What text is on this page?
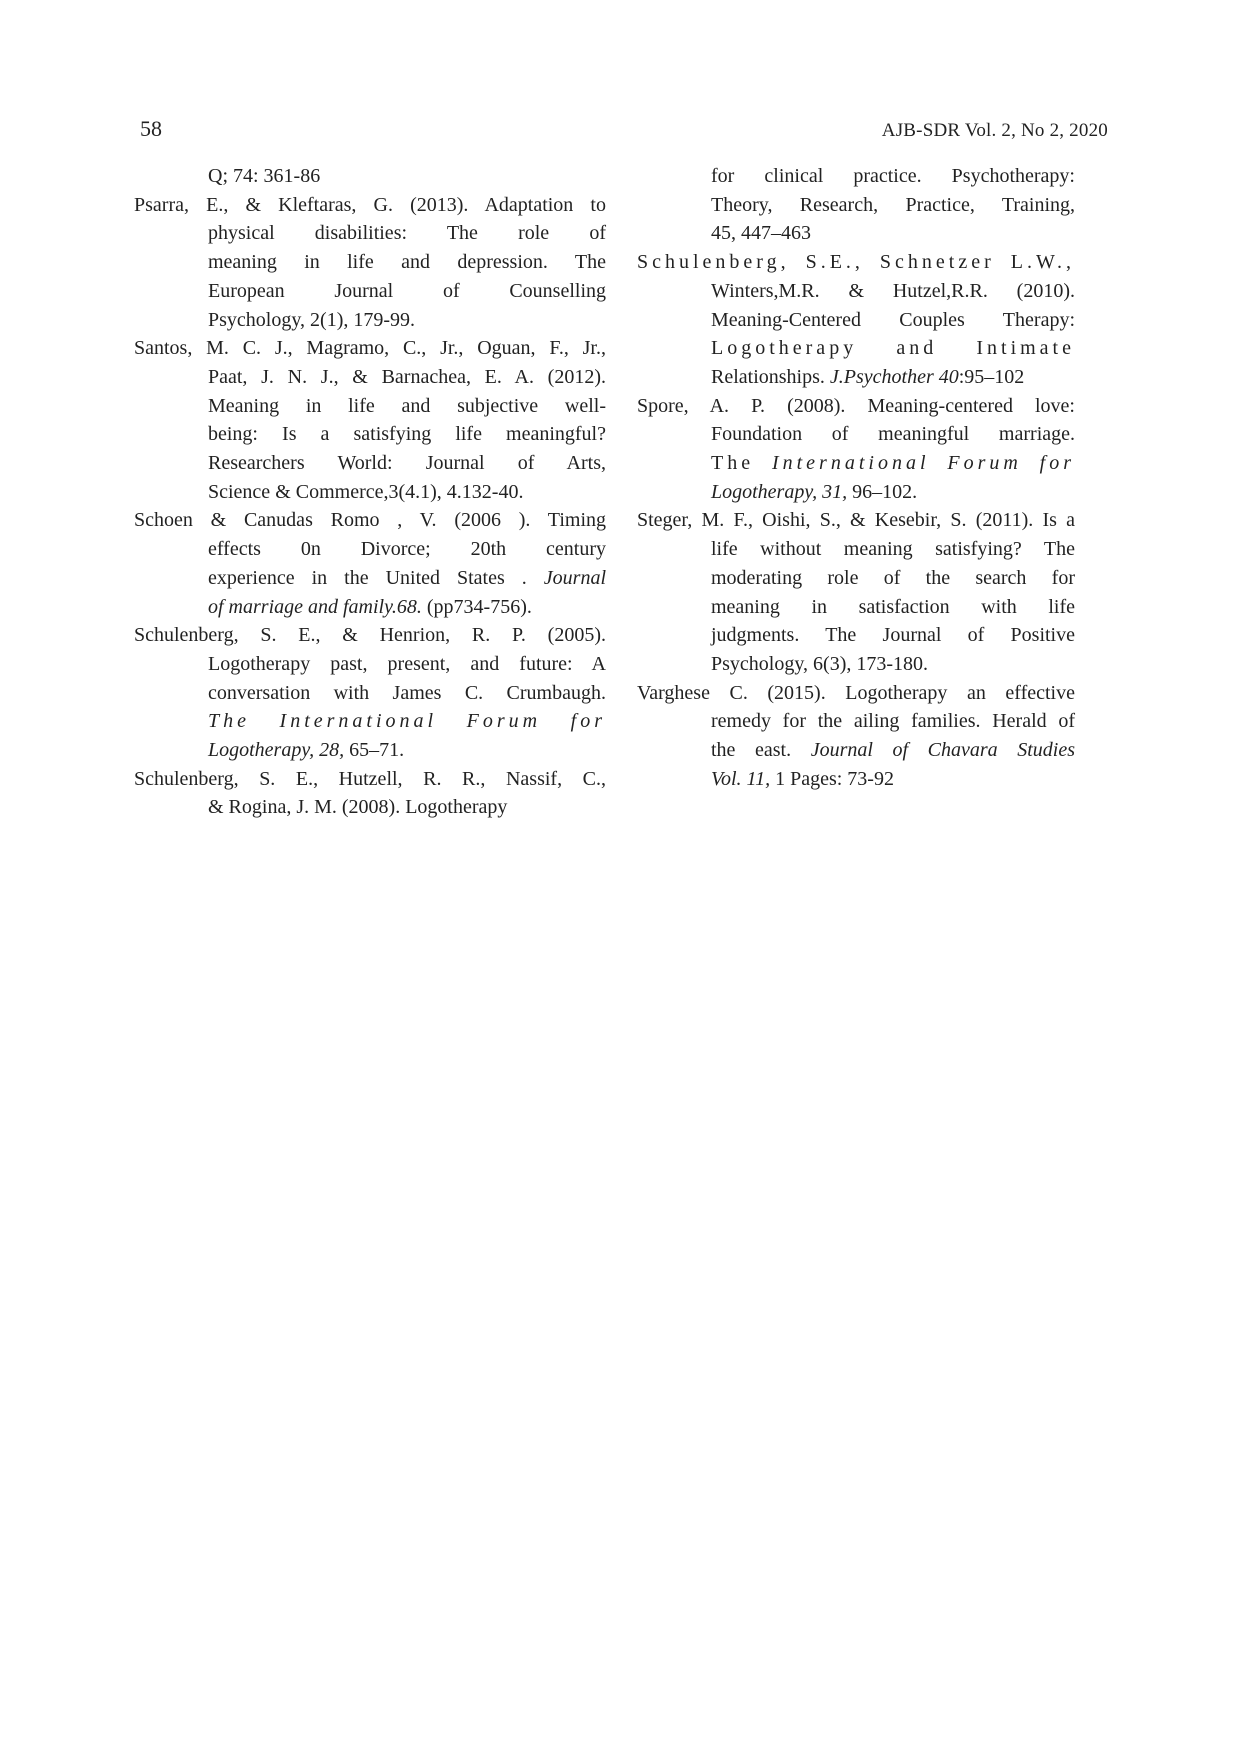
58	AJB-SDR Vol. 2, No 2, 2020
Q; 74: 361-86
Psarra, E., & Kleftaras, G. (2013). Adaptation to
physical disabilities: The role of
meaning in life and depression. The
European Journal of Counselling
Psychology, 2(1), 179-99.
Santos, M. C. J., Magramo, C., Jr., Oguan, F., Jr.,
Paat, J. N. J., & Barnachea, E. A. (2012).
Meaning in life and subjective well-
being: Is a satisfying life meaningful?
Researchers World: Journal of Arts,
Science & Commerce,3(4.1), 4.132-40.
Schoen & Canudas Romo , V. (2006 ). Timing
effects 0n Divorce; 20th century
experience in the United States . Journal
of marriage and family.68. (pp734-756).
Schulenberg, S. E., & Henrion, R. P. (2005).
Logotherapy past, present, and future: A
conversation with James C. Crumbaugh.
The International Forum for
Logotherapy, 28, 65–71.
Schulenberg, S. E., Hutzell, R. R., Nassif, C.,
& Rogina, J. M. (2008). Logotherapy
for clinical practice. Psychotherapy:
Theory, Research, Practice, Training,
45, 447–463
Schulenberg, S.E., Schnetzer L.W.,
Winters,M.R. & Hutzel,R.R. (2010).
Meaning-Centered Couples Therapy:
Logotherapy and Intimate
Relationships. J.Psychother 40:95–102
Spore, A. P. (2008). Meaning-centered love:
Foundation of meaningful marriage.
The International Forum for
Logotherapy, 31, 96–102.
Steger, M. F., Oishi, S., & Kesebir, S. (2011). Is a
life without meaning satisfying? The
moderating role of the search for
meaning in satisfaction with life
judgments. The Journal of Positive
Psychology, 6(3), 173-180.
Varghese C. (2015). Logotherapy an effective
remedy for the ailing families. Herald of
the east. Journal of Chavara Studies
Vol. 11, 1 Pages: 73-92
